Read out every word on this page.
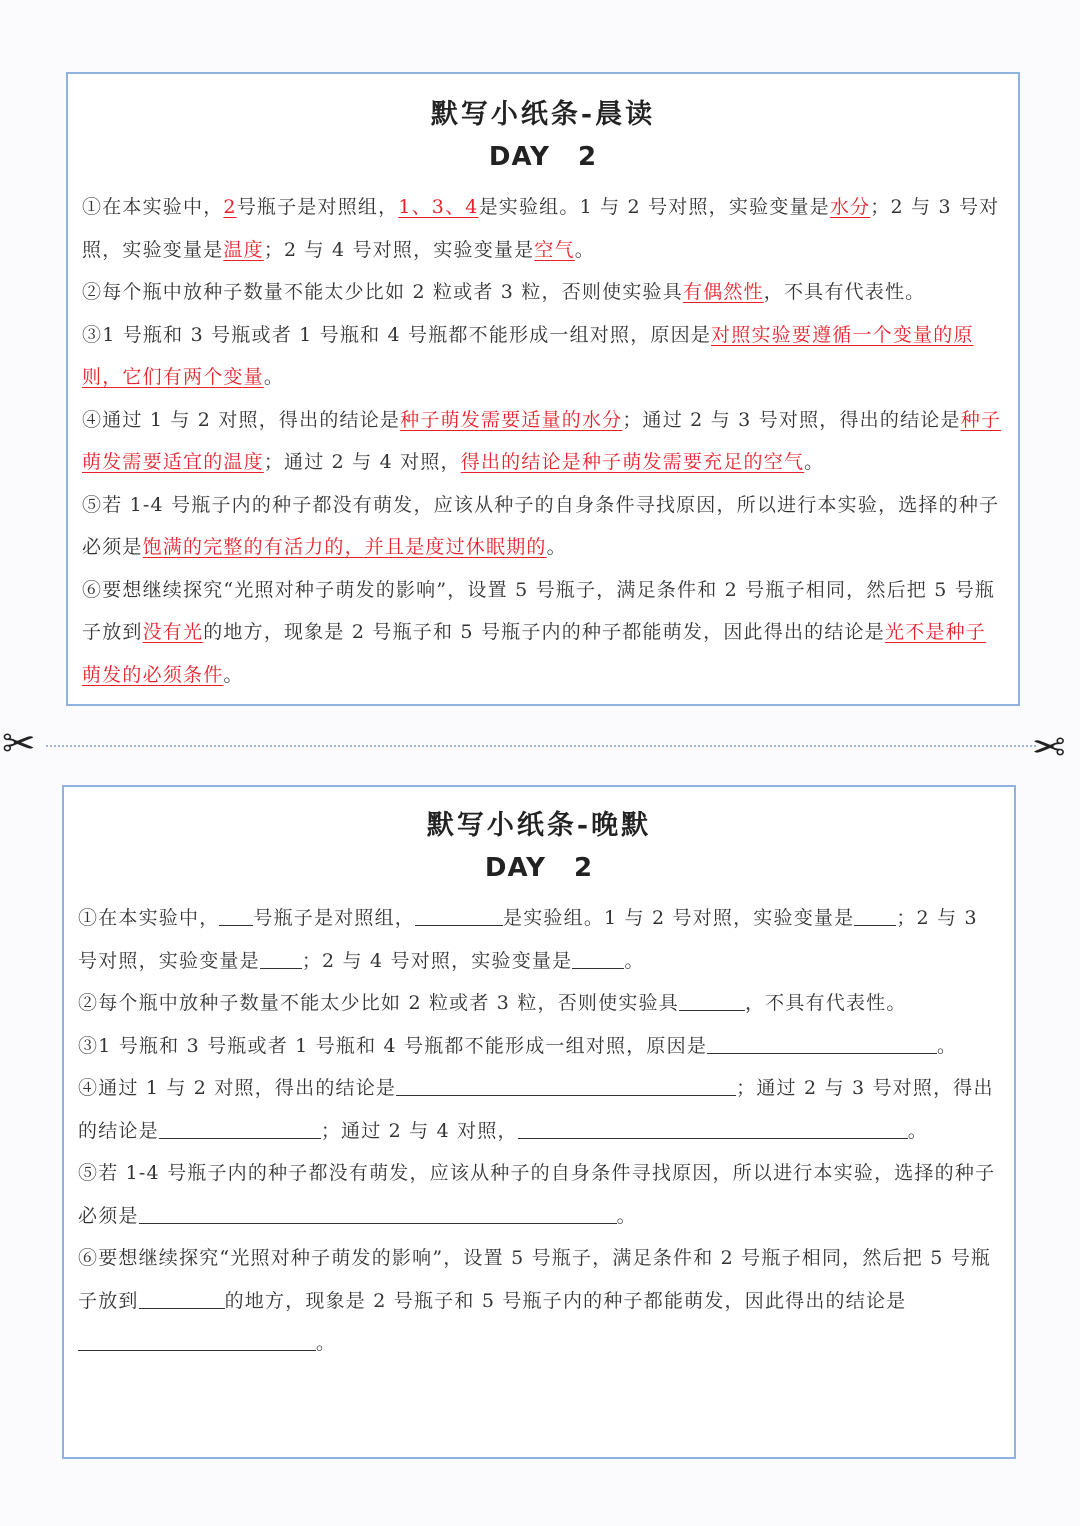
默写小纸条-晨读
DAY 2

①在本实验中，2号瓶子是对照组，1、3、4是实验组。1 与 2 号对照，实验变量是水分；2 与 3 号对照，实验变量是温度；2 与 4 号对照，实验变量是空气。

②每个瓶中放种子数量不能太少比如 2 粒或者 3 粒，否则使实验具有偶然性，不具有代表性。

③1 号瓶和 3 号瓶或者 1 号瓶和 4 号瓶都不能形成一组对照，原因是对照实验要遵循一个变量的原则，它们有两个变量。

④通过 1 与 2 对照，得出的结论是种子萌发需要适量的水分；通过 2 与 3 号对照，得出的结论是种子萌发需要适宜的温度；通过 2 与 4 对照，得出的结论是种子萌发需要充足的空气。

⑤若 1-4 号瓶子内的种子都没有萌发，应该从种子的自身条件寻找原因，所以进行本实验，选择的种子必须是饱满的完整的有活力的，并且是度过休眠期的。

⑥要想继续探究“光照对种子萌发的影响”，设置 5 号瓶子，满足条件和 2 号瓶子相同，然后把 5 号瓶子放到没有光的地方，现象是 2 号瓶子和 5 号瓶子内的种子都能萌发，因此得出的结论是光不是种子萌发的必须条件。

✂	✂
默写小纸条-晚默
DAY 2

①在本实验中， 号瓶子是对照组，	是实验组。1 与 2 号对照，实验变量是 ；2 与 3 号对照，实验变量是 ；2 与 4 号对照，实验变量是	。

②每个瓶中放种子数量不能太少比如 2 粒或者 3 粒，否则使实验具	，不具有代表性。

③1 号瓶和 3 号瓶或者 1 号瓶和 4 号瓶都不能形成一组对照，原因是	。

④通过 1 与 2 对照，得出的结论是	；通过 2 与 3 号对照，得出的结论是	；通过 2 与 4 对照，	。

⑤若 1-4 号瓶子内的种子都没有萌发，应该从种子的自身条件寻找原因，所以进行本实验，选择的种子必须是	。

⑥要想继续探究“光照对种子萌发的影响”，设置 5 号瓶子，满足条件和 2 号瓶子相同，然后把 5 号瓶子放到	的地方，现象是 2 号瓶子和 5 号瓶子内的种子都能萌发，因此得出的结论是。
